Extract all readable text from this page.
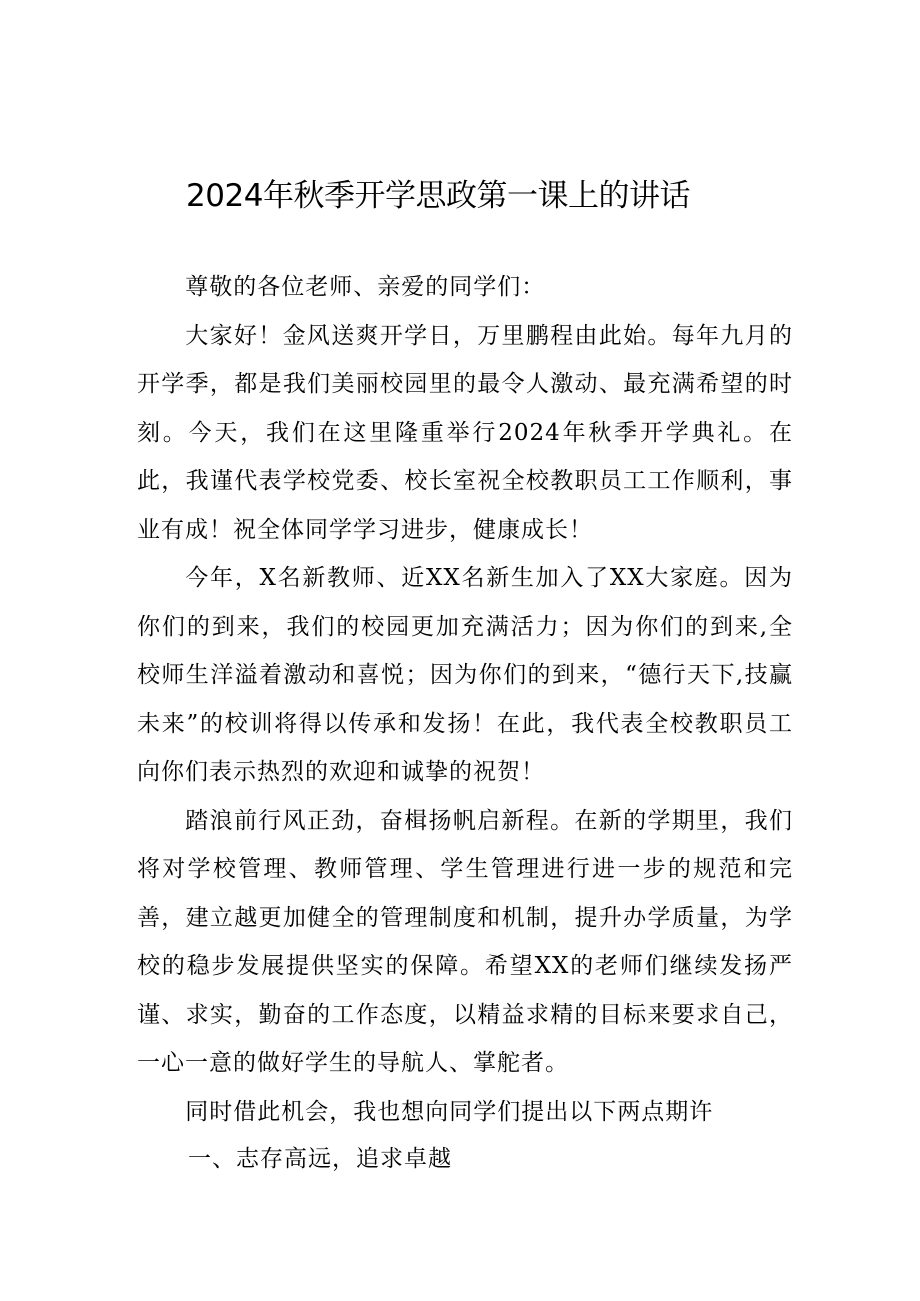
2024年秋季开学思政第一课上的讲话

尊敬的各位老师、亲爱的同学们：

大家好！金风送爽开学日，万里鹏程由此始。每年九月的开学季，都是我们美丽校园里的最令人激动、最充满希望的时刻。今天，我们在这里隆重举行2024年秋季开学典礼。在此，我谨代表学校党委、校长室祝全校教职员工工作顺利，事业有成！祝全体同学学习进步，健康成长！

今年，X名新教师、近XX名新生加入了XX大家庭。因为你们的到来，我们的校园更加充满活力；因为你们的到来,全校师生洋溢着激动和喜悦；因为你们的到来，“德行天下,技赢未来”的校训将得以传承和发扬！在此，我代表全校教职员工向你们表示热烈的欢迎和诚挚的祝贺！

踏浪前行风正劲，奋楫扬帆启新程。在新的学期里，我们将对学校管理、教师管理、学生管理进行进一步的规范和完善，建立越更加健全的管理制度和机制，提升办学质量，为学校的稳步发展提供坚实的保障。希望XX的老师们继续发扬严谨、求实，勤奋的工作态度，以精益求精的目标来要求自己，一心一意的做好学生的导航人、掌舵者。

同时借此机会，我也想向同学们提出以下两点期许

一、志存高远，追求卓越
